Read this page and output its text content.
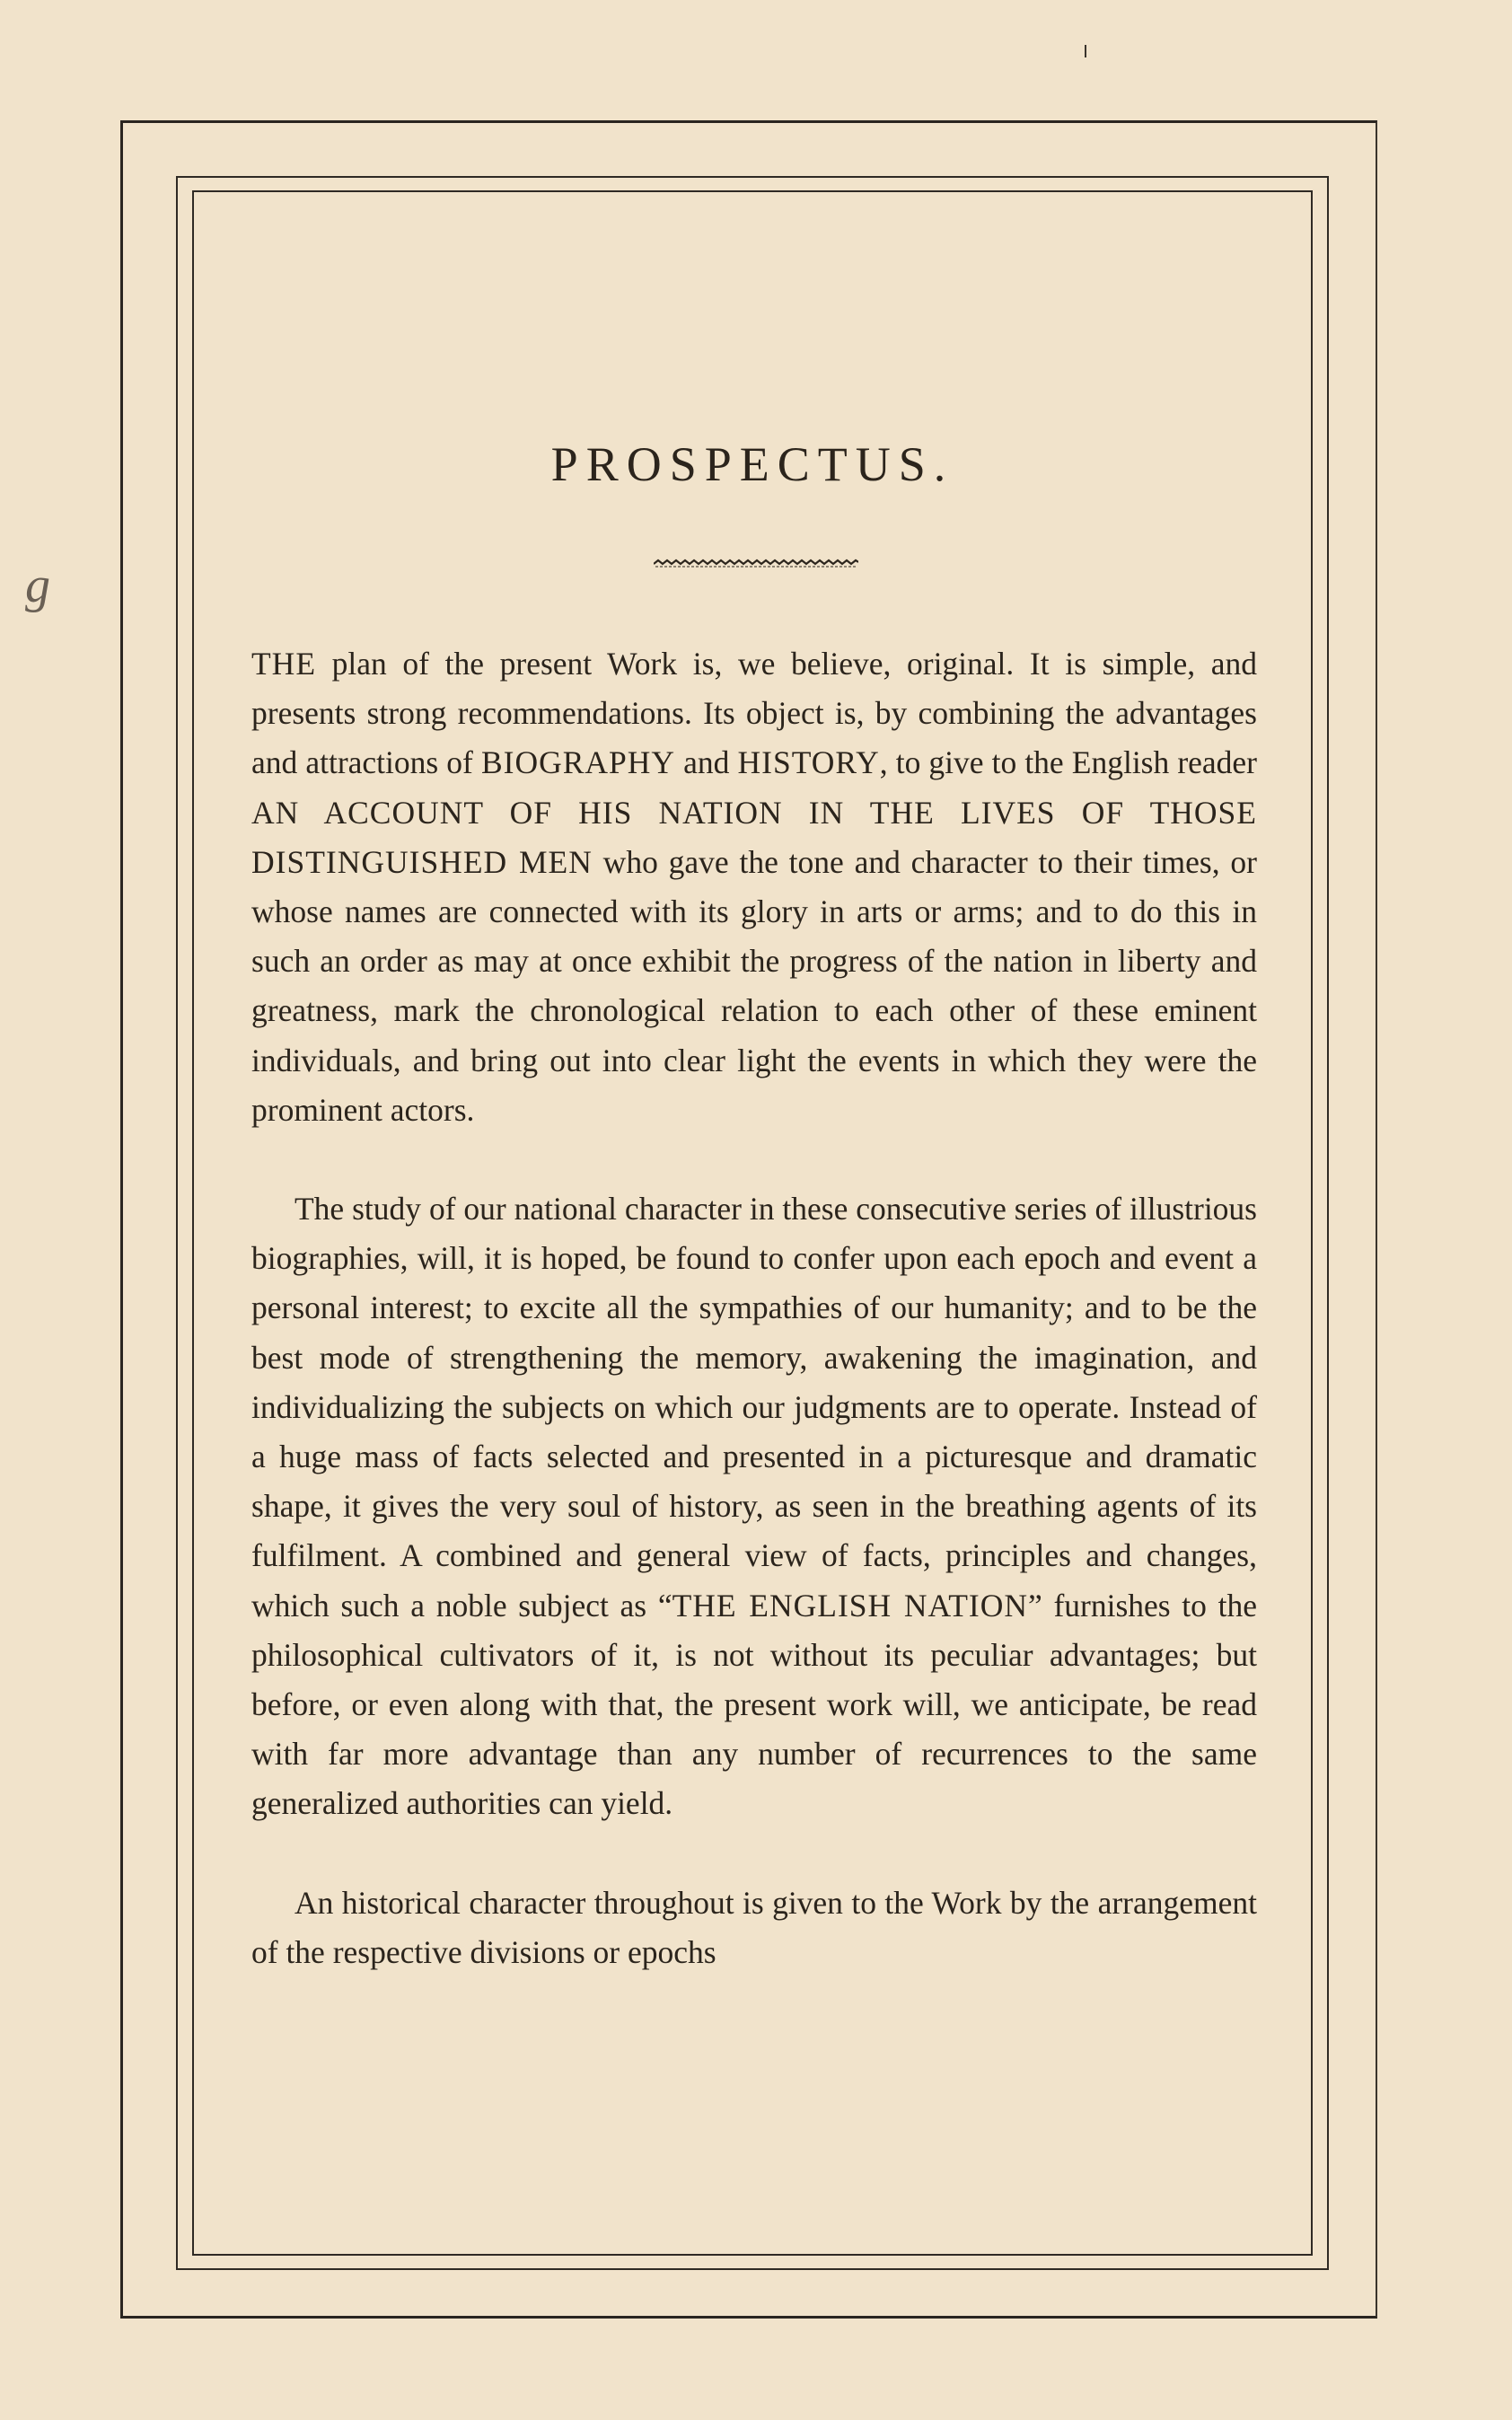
g
PROSPECTUS.

THE plan of the present Work is, we believe, original. It is simple, and presents strong recommendations. Its object is, by combining the advantages and attractions of BIOGRAPHY and HISTORY, to give to the English reader AN ACCOUNT OF HIS NATION IN THE LIVES OF THOSE DISTINGUISHED MEN who gave the tone and character to their times, or whose names are connected with its glory in arts or arms; and to do this in such an order as may at once exhibit the progress of the nation in liberty and greatness, mark the chronological relation to each other of these eminent individuals, and bring out into clear light the events in which they were the prominent actors.

The study of our national character in these consecutive series of illustrious biographies, will, it is hoped, be found to confer upon each epoch and event a personal interest; to excite all the sympathies of our humanity; and to be the best mode of strengthening the memory, awakening the imagination, and individualizing the subjects on which our judgments are to operate. Instead of a huge mass of facts selected and presented in a picturesque and dramatic shape, it gives the very soul of history, as seen in the breathing agents of its fulfilment. A combined and general view of facts, principles and changes, which such a noble subject as “THE ENGLISH NATION” furnishes to the philosophical cultivators of it, is not without its peculiar advantages; but before, or even along with that, the present work will, we anticipate, be read with far more advantage than any number of recurrences to the same generalized authorities can yield.

An historical character throughout is given to the Work by the arrangement of the respective divisions or epochs
